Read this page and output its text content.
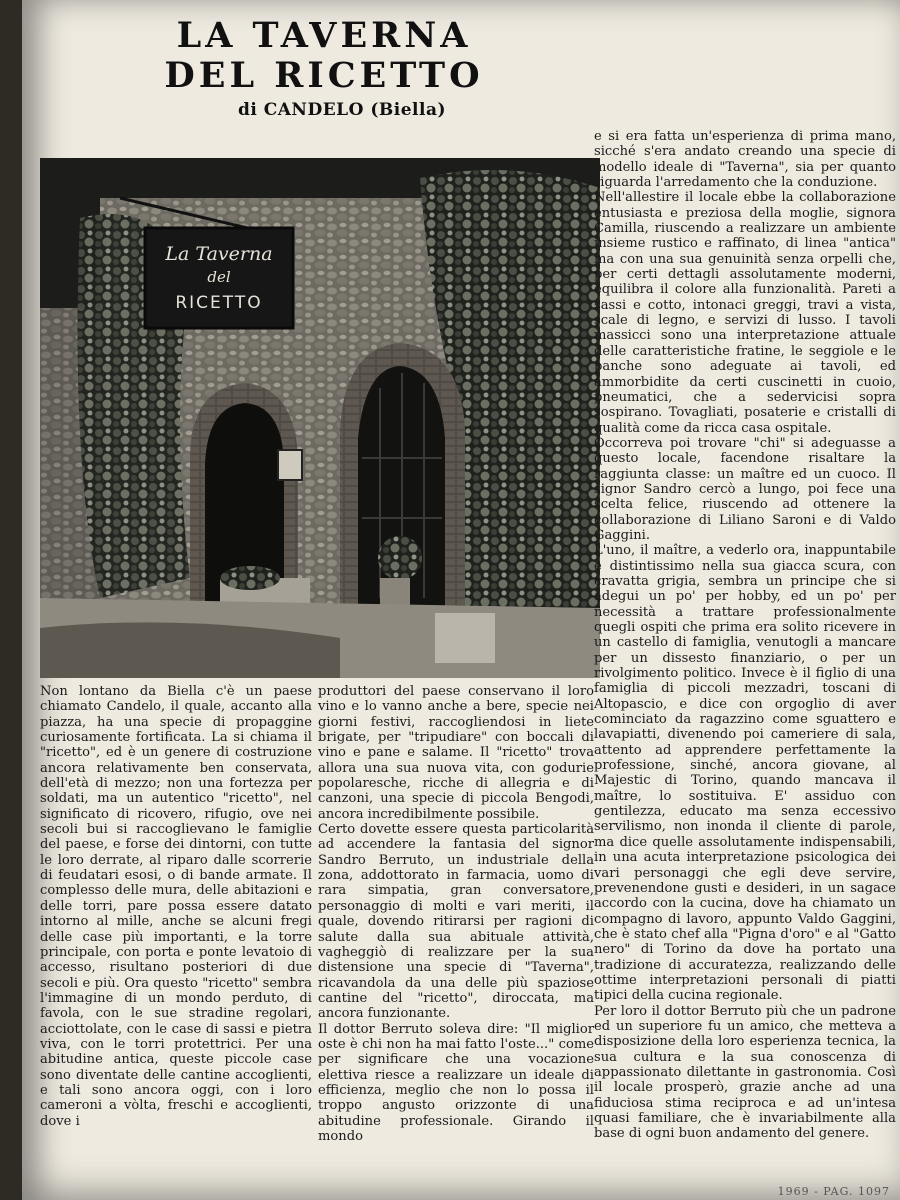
LA TAVERNA
DEL RICETTO
di CANDELO (Biella)
La Taverna
del
RICETTO

e si era fatta un'esperienza di prima mano, sicché s'era andato creando una specie di modello ideale di "Taverna", sia per quanto riguarda l'arredamento che la conduzione.

Nell'allestire il locale ebbe la collaborazione entusiasta e preziosa della moglie, signora Camilla, riuscendo a realizzare un ambiente insieme rustico e raffinato, di linea "antica" ma con una sua genuinità senza orpelli che, per certi dettagli assolutamente moderni, equilibra il colore alla funzionalità. Pareti a sassi e cotto, intonaci greggi, travi a vista, scale di legno, e servizi di lusso. I tavoli massicci sono una interpretazione attuale delle caratteristiche fratine, le seggiole e le panche sono adeguate ai tavoli, ed ammorbidite da certi cuscinetti in cuoio, pneumatici, che a sedervicisi sopra sospirano. Tovagliati, posaterie e cristalli di qualità come da ricca casa ospitale.

Occorreva poi trovare "chi" si adeguasse a questo locale, facendone risaltare la raggiunta classe: un maître ed un cuoco. Il signor Sandro cercò a lungo, poi fece una scelta felice, riuscendo ad ottenere la collaborazione di Liliano Saroni e di Valdo Gaggini.

L'uno, il maître, a vederlo ora, inappuntabile e distintissimo nella sua giacca scura, con cravatta grigia, sembra un principe che si adegui un po' per hobby, ed un po' per necessità a trattare professionalmente quegli ospiti che prima era solito ricevere in un castello di famiglia, venutogli a mancare per un dissesto finanziario, o per un rivolgimento politico. Invece è il figlio di una famiglia di piccoli mezzadri, toscani di Altopascio, e dice con orgoglio di aver cominciato da ragazzino come sguattero e lavapiatti, divenendo poi cameriere di sala, attento ad apprendere perfettamente la professione, sinché, ancora giovane, al Majestic di Torino, quando mancava il maître, lo sostituiva. E' assiduo con gentilezza, educato ma senza eccessivo servilismo, non inonda il cliente di parole, ma dice quelle assolutamente indispensabili, in una acuta interpretazione psicologica dei vari personaggi che egli deve servire, prevenendone gusti e desideri, in un sagace accordo con la cucina, dove ha chiamato un compagno di lavoro, appunto Valdo Gaggini, che è stato chef alla "Pigna d'oro" e al "Gatto nero" di Torino da dove ha portato una tradizione di accuratezza, realizzando delle ottime interpretazioni personali di piatti tipici della cucina regionale.

Per loro il dottor Berruto più che un padrone ed un superiore fu un amico, che metteva a disposizione della loro esperienza tecnica, la sua cultura e la sua conoscenza di appassionato dilettante in gastronomia. Così il locale prosperò, grazie anche ad una fiduciosa stima reciproca e ad un'intesa quasi familiare, che è invariabilmente alla base di ogni buon andamento del genere.

Non lontano da Biella c'è un paese chiamato Candelo, il quale, accanto alla piazza, ha una specie di propaggine curiosamente fortificata. La si chiama il "ricetto", ed è un genere di costruzione ancora relativamente ben conservata, dell'età di mezzo; non una fortezza per soldati, ma un autentico "ricetto", nel significato di ricovero, rifugio, ove nei secoli bui si raccoglievano le famiglie del paese, e forse dei dintorni, con tutte le loro derrate, al riparo dalle scorrerie di feudatari esosi, o di bande armate. Il complesso delle mura, delle abitazioni e delle torri, pare possa essere datato intorno al mille, anche se alcuni fregi delle case più importanti, e la torre principale, con porta e ponte levatoio di accesso, risultano posteriori di due secoli e più. Ora questo "ricetto" sembra l'immagine di un mondo perduto, di favola, con le sue stradine regolari, acciottolate, con le case di sassi e pietra viva, con le torri protettrici. Per una abitudine antica, queste piccole case sono diventate delle cantine accoglienti, e tali sono ancora oggi, con i loro cameroni a vòlta, freschi e accoglienti, dove i

produttori del paese conservano il loro vino e lo vanno anche a bere, specie nei giorni festivi, raccogliendosi in liete brigate, per "tripudiare" con boccali di vino e pane e salame. Il "ricetto" trova allora una sua nuova vita, con godurie popolaresche, ricche di allegria e di canzoni, una specie di piccola Bengodi, ancora incredibilmente possibile.

Certo dovette essere questa particolarità ad accendere la fantasia del signor Sandro Berruto, un industriale della zona, addottorato in farmacia, uomo di rara simpatia, gran conversatore, personaggio di molti e vari meriti, il quale, dovendo ritirarsi per ragioni di salute dalla sua abituale attività, vagheggiò di realizzare per la sua distensione una specie di "Taverna", ricavandola da una delle più spaziose cantine del "ricetto", diroccata, ma ancora funzionante.

Il dottor Berruto soleva dire: "Il miglior oste è chi non ha mai fatto l'oste..." come per significare che una vocazione elettiva riesce a realizzare un ideale di efficienza, meglio che non lo possa il troppo angusto orizzonte di una abitudine professionale. Girando il mondo

1969 - PAG. 1097
